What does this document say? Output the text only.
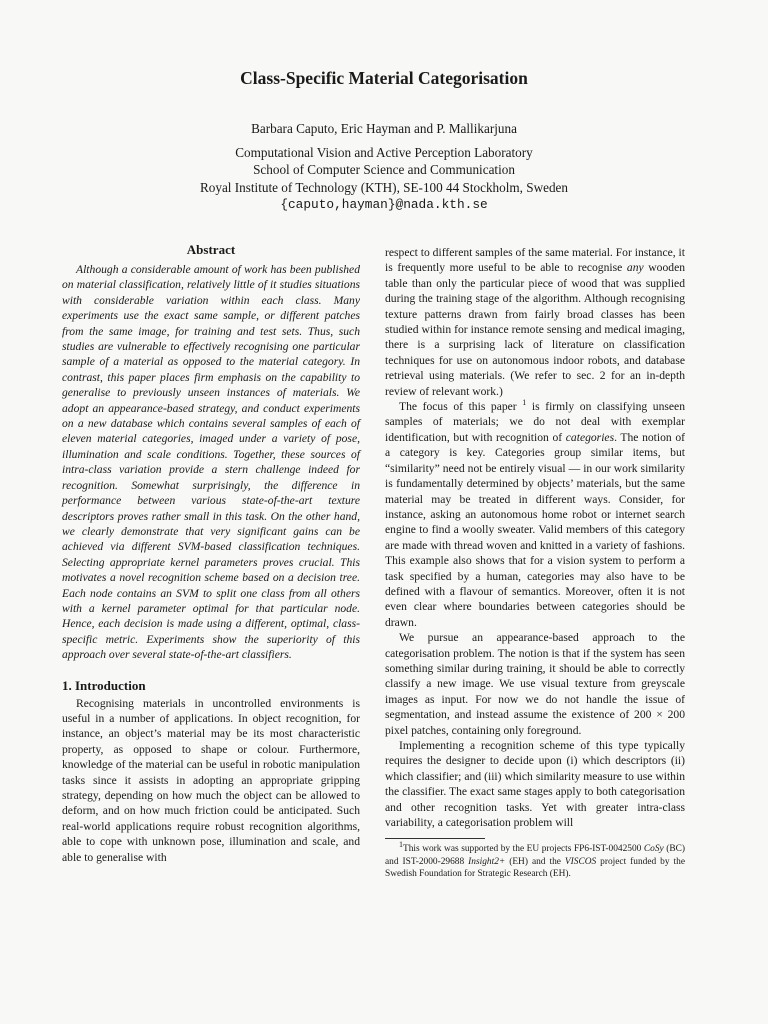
Class-Specific Material Categorisation
Barbara Caputo, Eric Hayman and P. Mallikarjuna
Computational Vision and Active Perception Laboratory
School of Computer Science and Communication
Royal Institute of Technology (KTH), SE-100 44 Stockholm, Sweden
{caputo,hayman}@nada.kth.se
Abstract

Although a considerable amount of work has been published on material classification, relatively little of it studies situations with considerable variation within each class. Many experiments use the exact same sample, or different patches from the same image, for training and test sets. Thus, such studies are vulnerable to effectively recognising one particular sample of a material as opposed to the material category. In contrast, this paper places firm emphasis on the capability to generalise to previously unseen instances of materials. We adopt an appearance-based strategy, and conduct experiments on a new database which contains several samples of each of eleven material categories, imaged under a variety of pose, illumination and scale conditions. Together, these sources of intra-class variation provide a stern challenge indeed for recognition. Somewhat surprisingly, the difference in performance between various state-of-the-art texture descriptors proves rather small in this task. On the other hand, we clearly demonstrate that very significant gains can be achieved via different SVM-based classification techniques. Selecting appropriate kernel parameters proves crucial. This motivates a novel recognition scheme based on a decision tree. Each node contains an SVM to split one class from all others with a kernel parameter optimal for that particular node. Hence, each decision is made using a different, optimal, class-specific metric. Experiments show the superiority of this approach over several state-of-the-art classifiers.

1. Introduction

Recognising materials in uncontrolled environments is useful in a number of applications. In object recognition, for instance, an object’s material may be its most characteristic property, as opposed to shape or colour. Furthermore, knowledge of the material can be useful in robotic manipulation tasks since it assists in adopting an appropriate gripping strategy, depending on how much the object can be allowed to deform, and on how much friction could be anticipated. Such real-world applications require robust recognition algorithms, able to cope with unknown pose, illumination and scale, and able to generalise with

respect to different samples of the same material. For instance, it is frequently more useful to be able to recognise any wooden table than only the particular piece of wood that was supplied during the training stage of the algorithm. Although recognising texture patterns drawn from fairly broad classes has been studied within for instance remote sensing and medical imaging, there is a surprising lack of literature on classification techniques for use on autonomous indoor robots, and database retrieval using materials. (We refer to sec. 2 for an in-depth review of relevant work.)

The focus of this paper $^1$ is firmly on classifying unseen samples of materials; we do not deal with exemplar identification, but with recognition of categories. The notion of a category is key. Categories group similar items, but “similarity” need not be entirely visual — in our work similarity is fundamentally determined by objects’ materials, but the same material may be treated in different ways. Consider, for instance, asking an autonomous home robot or internet search engine to find a woolly sweater. Valid members of this category are made with thread woven and knitted in a variety of fashions. This example also shows that for a vision system to perform a task specified by a human, categories may also have to be defined with a flavour of semantics. Moreover, often it is not even clear where boundaries between categories should be drawn.

We pursue an appearance-based approach to the categorisation problem. The notion is that if the system has seen something similar during training, it should be able to correctly classify a new image. We use visual texture from greyscale images as input. For now we do not handle the issue of segmentation, and instead assume the existence of 200 × 200 pixel patches, containing only foreground.

Implementing a recognition scheme of this type typically requires the designer to decide upon (i) which descriptors (ii) which classifier; and (iii) which similarity measure to use within the classifier. The exact same stages apply to both categorisation and other recognition tasks. Yet with greater intra-class variability, a categorisation problem will

$^1$This work was supported by the EU projects FP6-IST-0042500 CoSy (BC) and IST-2000-29688 Insight2+ (EH) and the VISCOS project funded by the Swedish Foundation for Strategic Research (EH).
